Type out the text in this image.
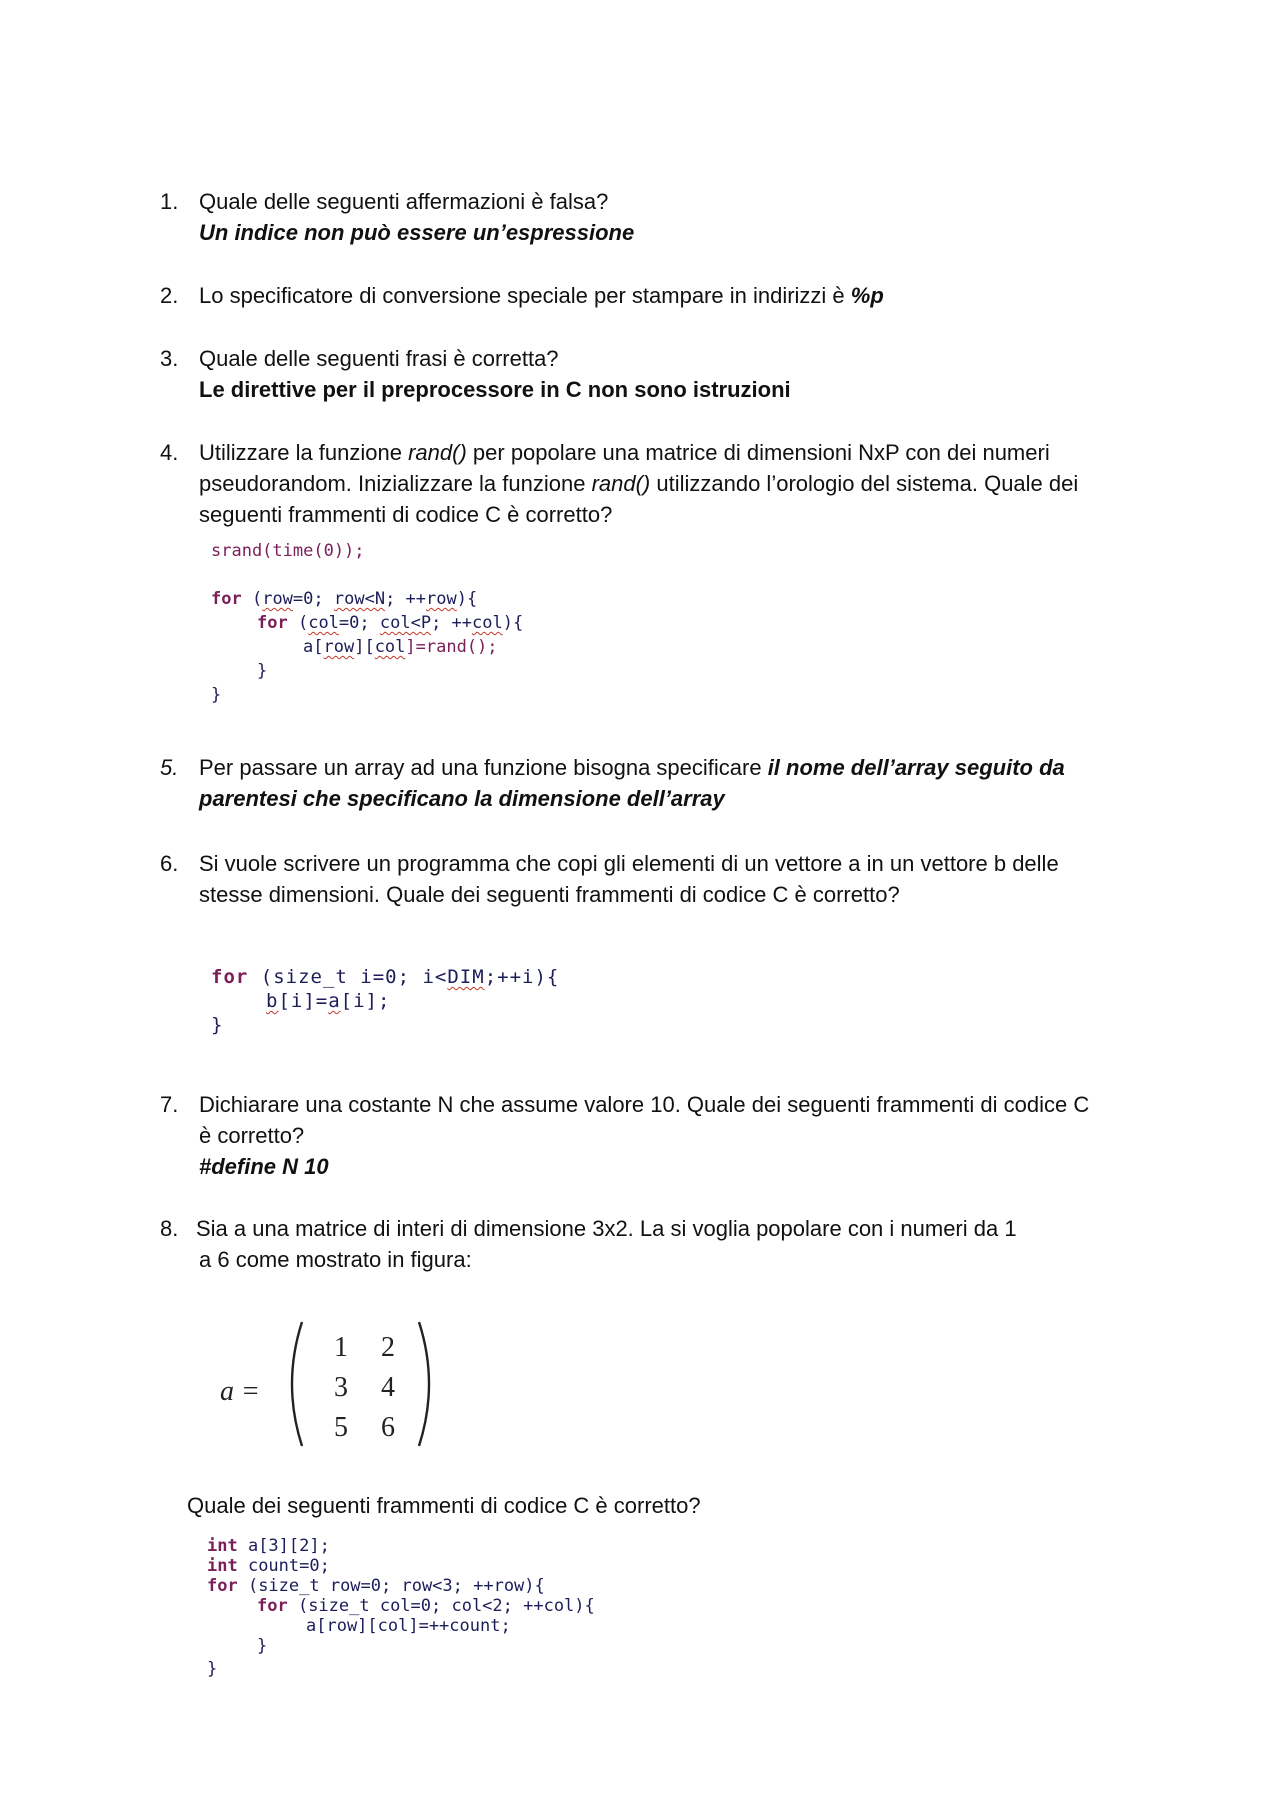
1. Quale delle seguenti affermazioni è falsa?
Un indice non può essere un’espressione
2. Lo specificatore di conversione speciale per stampare in indirizzi è %p
3. Quale delle seguenti frasi è corretta?
Le direttive per il preprocessore in C non sono istruzioni
4. Utilizzare la funzione rand() per popolare una matrice di dimensioni NxP con dei numeri
pseudorandom. Inizializzare la funzione rand() utilizzando l’orologio del sistema. Quale dei
seguenti frammenti di codice C è corretto?
srand(time(0));
for (row=0; row<N; ++row){
for (col=0; col<P; ++col){
a[row][col]=rand();
}
}
5. Per passare un array ad una funzione bisogna specificare il nome dell’array seguito da
parentesi che specificano la dimensione dell’array
6. Si vuole scrivere un programma che copi gli elementi di un vettore a in un vettore b delle
stesse dimensioni. Quale dei seguenti frammenti di codice C è corretto?
for (size_t i=0; i<DIM;++i){
b[i]=a[i];
}
7. Dichiarare una costante N che assume valore 10. Quale dei seguenti frammenti di codice C
è corretto?
#define N 10
8. Sia a una matrice di interi di dimensione 3x2. La si voglia popolare con i numeri da 1
a 6 come mostrato in figura:
a =
1 2
3 4
5 6
Quale dei seguenti frammenti di codice C è corretto?
int a[3][2];
int count=0;
for (size_t row=0; row<3; ++row){
for (size_t col=0; col<2; ++col){
a[row][col]=++count;
}
}
